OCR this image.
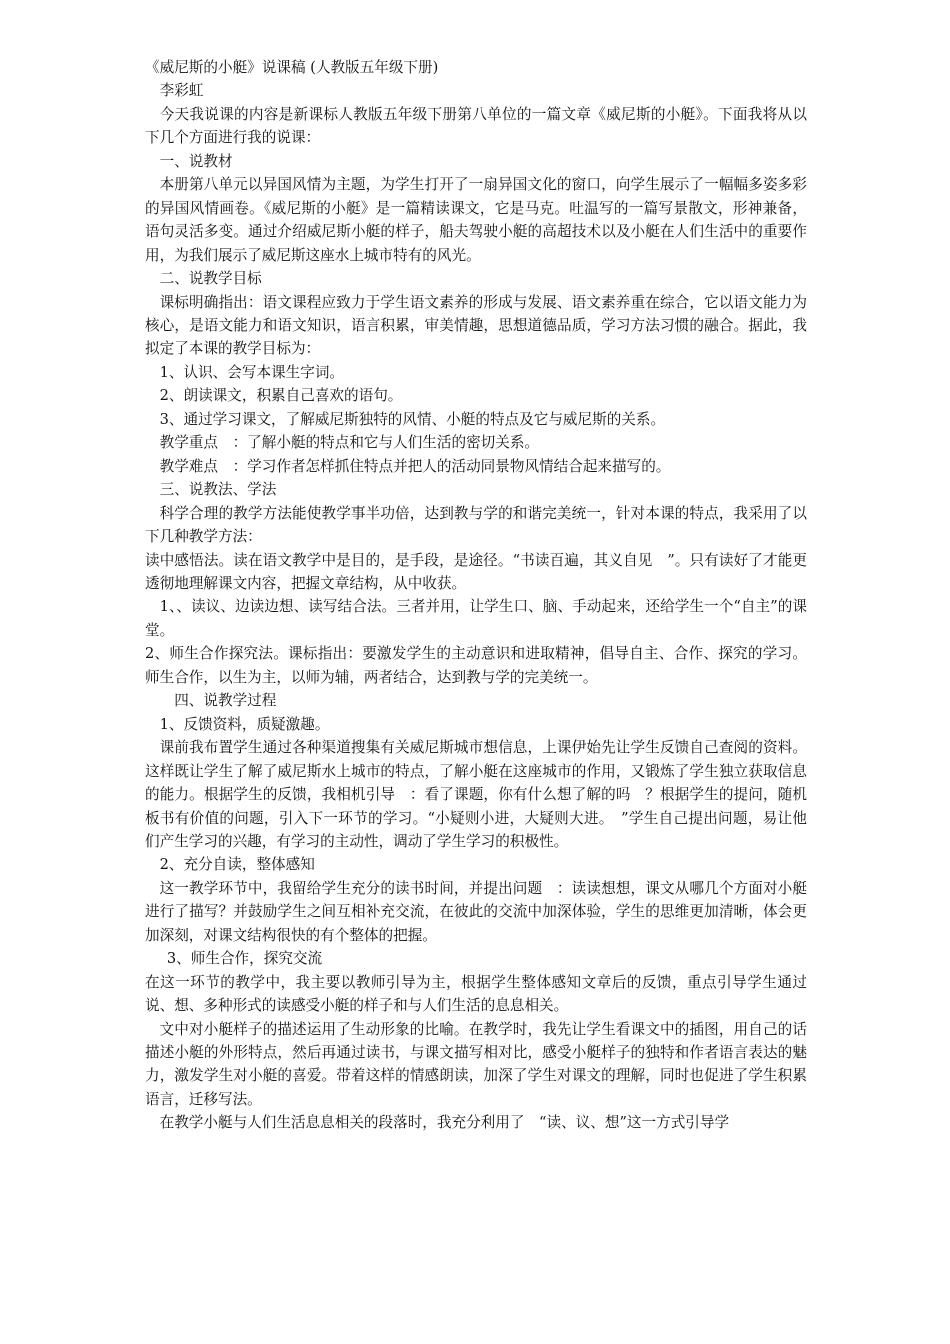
《威尼斯的小艇》说课稿 (人教版五年级下册)

李彩虹

今天我说课的内容是新课标人教版五年级下册第八单位的一篇文章《威尼斯的小艇》。下面我将从以下几个方面进行我的说课：

一、说教材

本册第八单元以异国风情为主题，为学生打开了一扇异国文化的窗口，向学生展示了一幅幅多姿多彩的异国风情画卷。《威尼斯的小艇》是一篇精读课文，它是马克。吐温写的一篇写景散文，形神兼备，语句灵活多变。通过介绍威尼斯小艇的样子，船夫驾驶小艇的高超技术以及小艇在人们生活中的重要作用，为我们展示了威尼斯这座水上城市特有的风光。

二、说教学目标

课标明确指出：语文课程应致力于学生语文素养的形成与发展、语文素养重在综合，它以语文能力为核心，是语文能力和语文知识，语言积累，审美情趣，思想道德品质，学习方法习惯的融合。据此，我拟定了本课的教学目标为：

1、认识、会写本课生字词。

2、朗读课文，积累自己喜欢的语句。

3、通过学习课文，了解威尼斯独特的风情、小艇的特点及它与威尼斯的关系。

教学重点　：了解小艇的特点和它与人们生活的密切关系。

教学难点　：学习作者怎样抓住特点并把人的活动同景物风情结合起来描写的。

三、说教法、学法

科学合理的教学方法能使教学事半功倍，达到教与学的和谐完美统一，针对本课的特点，我采用了以下几种教学方法：

读中感悟法。读在语文教学中是目的，是手段，是途径。“书读百遍，其义自见　”。只有读好了才能更透彻地理解课文内容，把握文章结构，从中收获。

1、、读议、边读边想、读写结合法。三者并用，让学生口、脑、手动起来，还给学生一个“自主”的课堂。

2、师生合作探究法。课标指出：要激发学生的主动意识和进取精神，倡导自主、合作、探究的学习。师生合作，以生为主，以师为辅，两者结合，达到教与学的完美统一。

四、说教学过程

1、反馈资料，质疑激趣。

课前我布置学生通过各种渠道搜集有关威尼斯城市想信息，上课伊始先让学生反馈自己查阅的资料。这样既让学生了解了威尼斯水上城市的特点，了解小艇在这座城市的作用，又锻炼了学生独立获取信息的能力。根据学生的反馈，我相机引导　：看了课题，你有什么想了解的吗　？根据学生的提问，随机板书有价值的问题，引入下一环节的学习。“小疑则小进，大疑则大进。　”学生自己提出问题，易让他们产生学习的兴趣，有学习的主动性，调动了学生学习的积极性。

2、充分自读，整体感知

这一教学环节中，我留给学生充分的读书时间，并提出问题　：读读想想，课文从哪几个方面对小艇进行了描写？并鼓励学生之间互相补充交流，在彼此的交流中加深体验，学生的思维更加清晰，体会更加深刻，对课文结构很快的有个整体的把握。

3、师生合作，探究交流

在这一环节的教学中，我主要以教师引导为主，根据学生整体感知文章后的反馈，重点引导学生通过说、想、多种形式的读感受小艇的样子和与人们生活的息息相关。

文中对小艇样子的描述运用了生动形象的比喻。在教学时，我先让学生看课文中的插图，用自己的话描述小艇的外形特点，然后再通过读书，与课文描写相对比，感受小艇样子的独特和作者语言表达的魅力，激发学生对小艇的喜爱。带着这样的情感朗读，加深了学生对课文的理解，同时也促进了学生积累语言，迁移写法。

在教学小艇与人们生活息息相关的段落时，我充分利用了　“读、议、想”这一方式引导学
